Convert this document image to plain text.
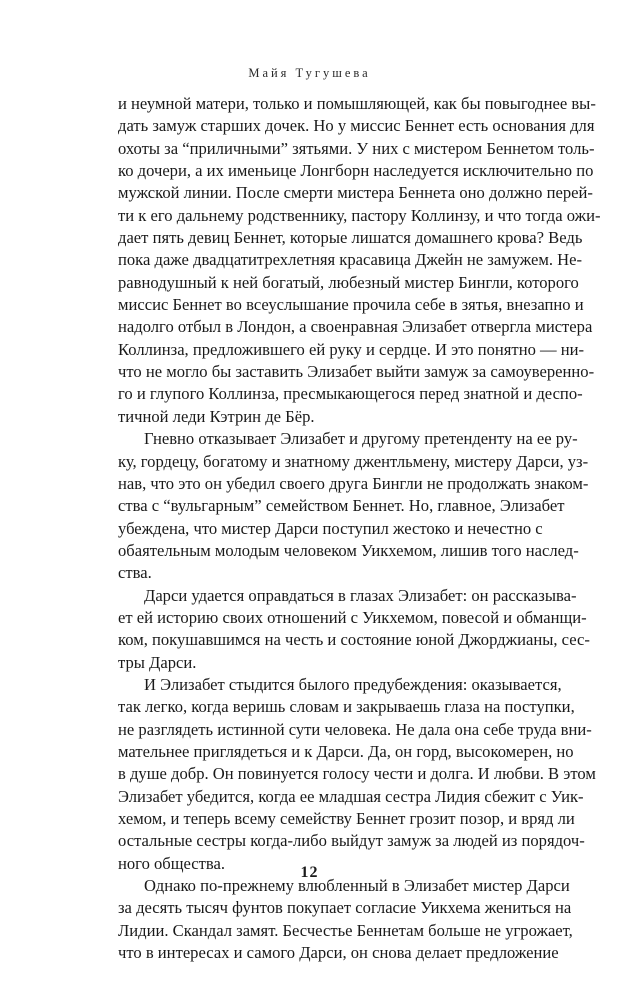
Майя Тугушева
и неумной матери, только и помышляющей, как бы повыгоднее вы-
дать замуж старших дочек. Но у миссис Беннет есть основания для
охоты за “приличными” зятьями. У них с мистером Беннетом толь-
ко дочери, а их именьице Лонгборн наследуется исключительно по
мужской линии. После смерти мистера Беннета оно должно перей-
ти к его дальнему родственнику, пастору Коллинзу, и что тогда ожи-
дает пять девиц Беннет, которые лишатся домашнего крова? Ведь
пока даже двадцатитрехлетняя красавица Джейн не замужем. Не-
равнодушный к ней богатый, любезный мистер Бингли, которого
миссис Беннет во всеуслышание прочила себе в зятья, внезапно и
надолго отбыл в Лондон, а своенравная Элизабет отвергла мистера
Коллинза, предложившего ей руку и сердце. И это понятно — ни-
что не могло бы заставить Элизабет выйти замуж за самоуверенно-
го и глупого Коллинза, пресмыкающегося перед знатной и деспо-
тичной леди Кэтрин де Бёр.
Гневно отказывает Элизабет и другому претенденту на ее ру-
ку, гордецу, богатому и знатному джентльмену, мистеру Дарси, уз-
нав, что это он убедил своего друга Бингли не продолжать знаком-
ства с “вульгарным” семейством Беннет. Но, главное, Элизабет
убеждена, что мистер Дарси поступил жестоко и нечестно с
обаятельным молодым человеком Уикхемом, лишив того наслед-
ства.
Дарси удается оправдаться в глазах Элизабет: он рассказыва-
ет ей историю своих отношений с Уикхемом, повесой и обманщи-
ком, покушавшимся на честь и состояние юной Джорджианы, сес-
тры Дарси.
И Элизабет стыдится былого предубеждения: оказывается,
так легко, когда веришь словам и закрываешь глаза на поступки,
не разглядеть истинной сути человека. Не дала она себе труда вни-
мательнее приглядеться и к Дарси. Да, он горд, высокомерен, но
в душе добр. Он повинуется голосу чести и долга. И любви. В этом
Элизабет убедится, когда ее младшая сестра Лидия сбежит с Уик-
хемом, и теперь всему семейству Беннет грозит позор, и вряд ли
остальные сестры когда-либо выйдут замуж за людей из порядоч-
ного общества.
Однако по-прежнему влюбленный в Элизабет мистер Дарси
за десять тысяч фунтов покупает согласие Уикхема жениться на
Лидии. Скандал замят. Бесчестье Беннетам больше не угрожает,
что в интересах и самого Дарси, он снова делает предложение
12
